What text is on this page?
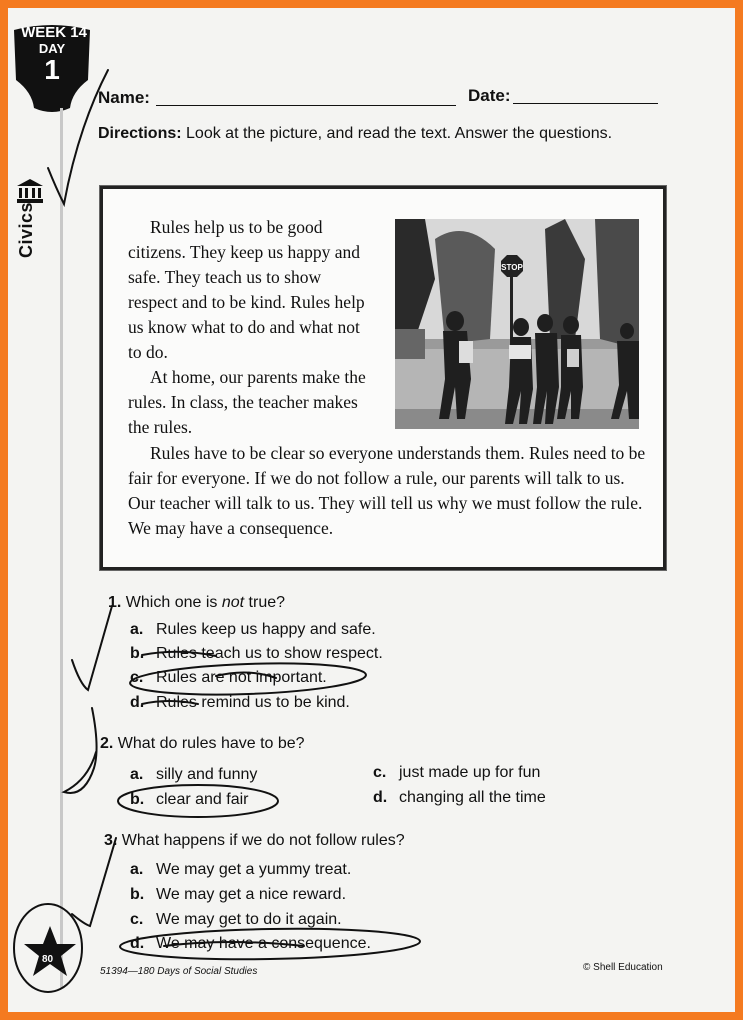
WEEK 14
DAY
1
Civics
Name:	Date:
Directions: Look at the picture, and read the text. Answer the questions.

Rules help us to be good citizens. They keep us happy and safe. They teach us to show respect and to be kind. Rules help us know what to do and what not to do.

At home, our parents make the rules. In class, the teacher makes the rules.

Rules have to be clear so everyone understands them. Rules need to be fair for everyone. If we do not follow a rule, our parents will talk to us. Our teacher will talk to us. They will tell us why we must follow the rule. We may have a consequence.

STOP
1. Which one is not true?
a. Rules keep us happy and safe.
b. Rules teach us to show respect.
c. Rules are not important.
d. Rules remind us to be kind.
2. What do rules have to be?
a. silly and funny
b. clear and fair
c. just made up for fun
d. changing all the time
3. What happens if we do not follow rules?
a. We may get a yummy treat.
b. We may get a nice reward.
c. We may get to do it again.
d. We may have a consequence.
80
51394—180 Days of Social Studies	© Shell Education
